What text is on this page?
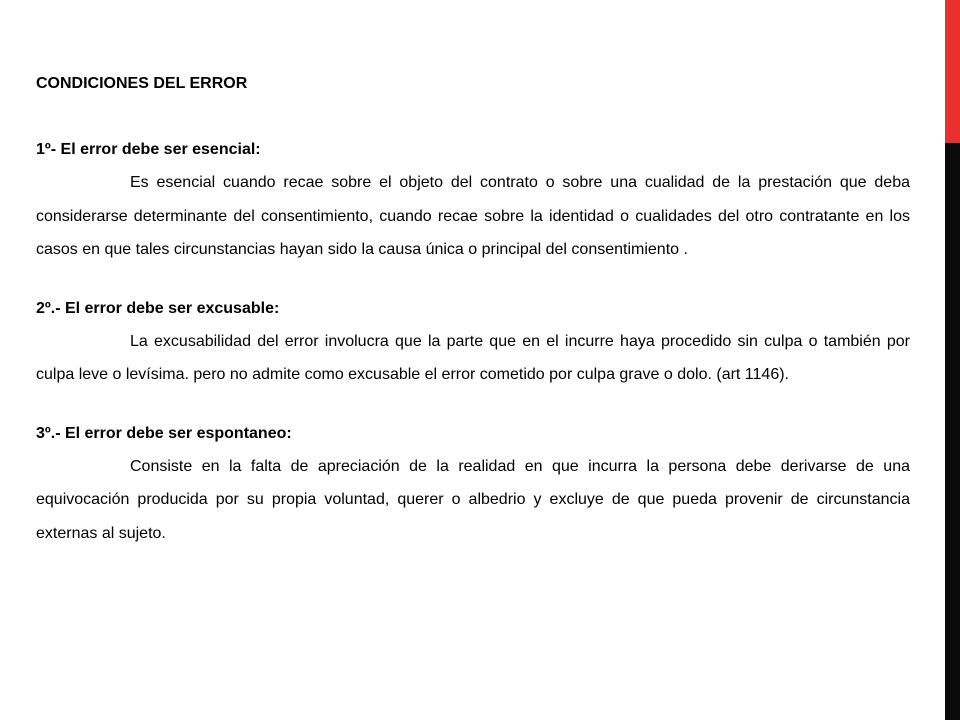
CONDICIONES DEL ERROR

1º- El error debe ser esencial:

Es esencial cuando recae sobre el objeto del contrato o sobre una cualidad de la prestación que deba considerarse determinante del consentimiento, cuando recae sobre la identidad o cualidades del otro contratante en los casos en que tales circunstancias hayan sido la causa única o principal del consentimiento .

2º.- El error debe ser excusable:

La excusabilidad del error involucra que la parte que en el incurre haya procedido sin culpa o también por culpa leve o levísima. pero no admite como excusable el error cometido por culpa grave o dolo. (art 1146).

3º.- El error debe ser espontaneo:

Consiste en la falta de apreciación de la realidad en que incurra la persona debe derivarse de una equivocación producida por su propia voluntad, querer o albedrio y excluye de que pueda provenir de circunstancia externas al sujeto.
